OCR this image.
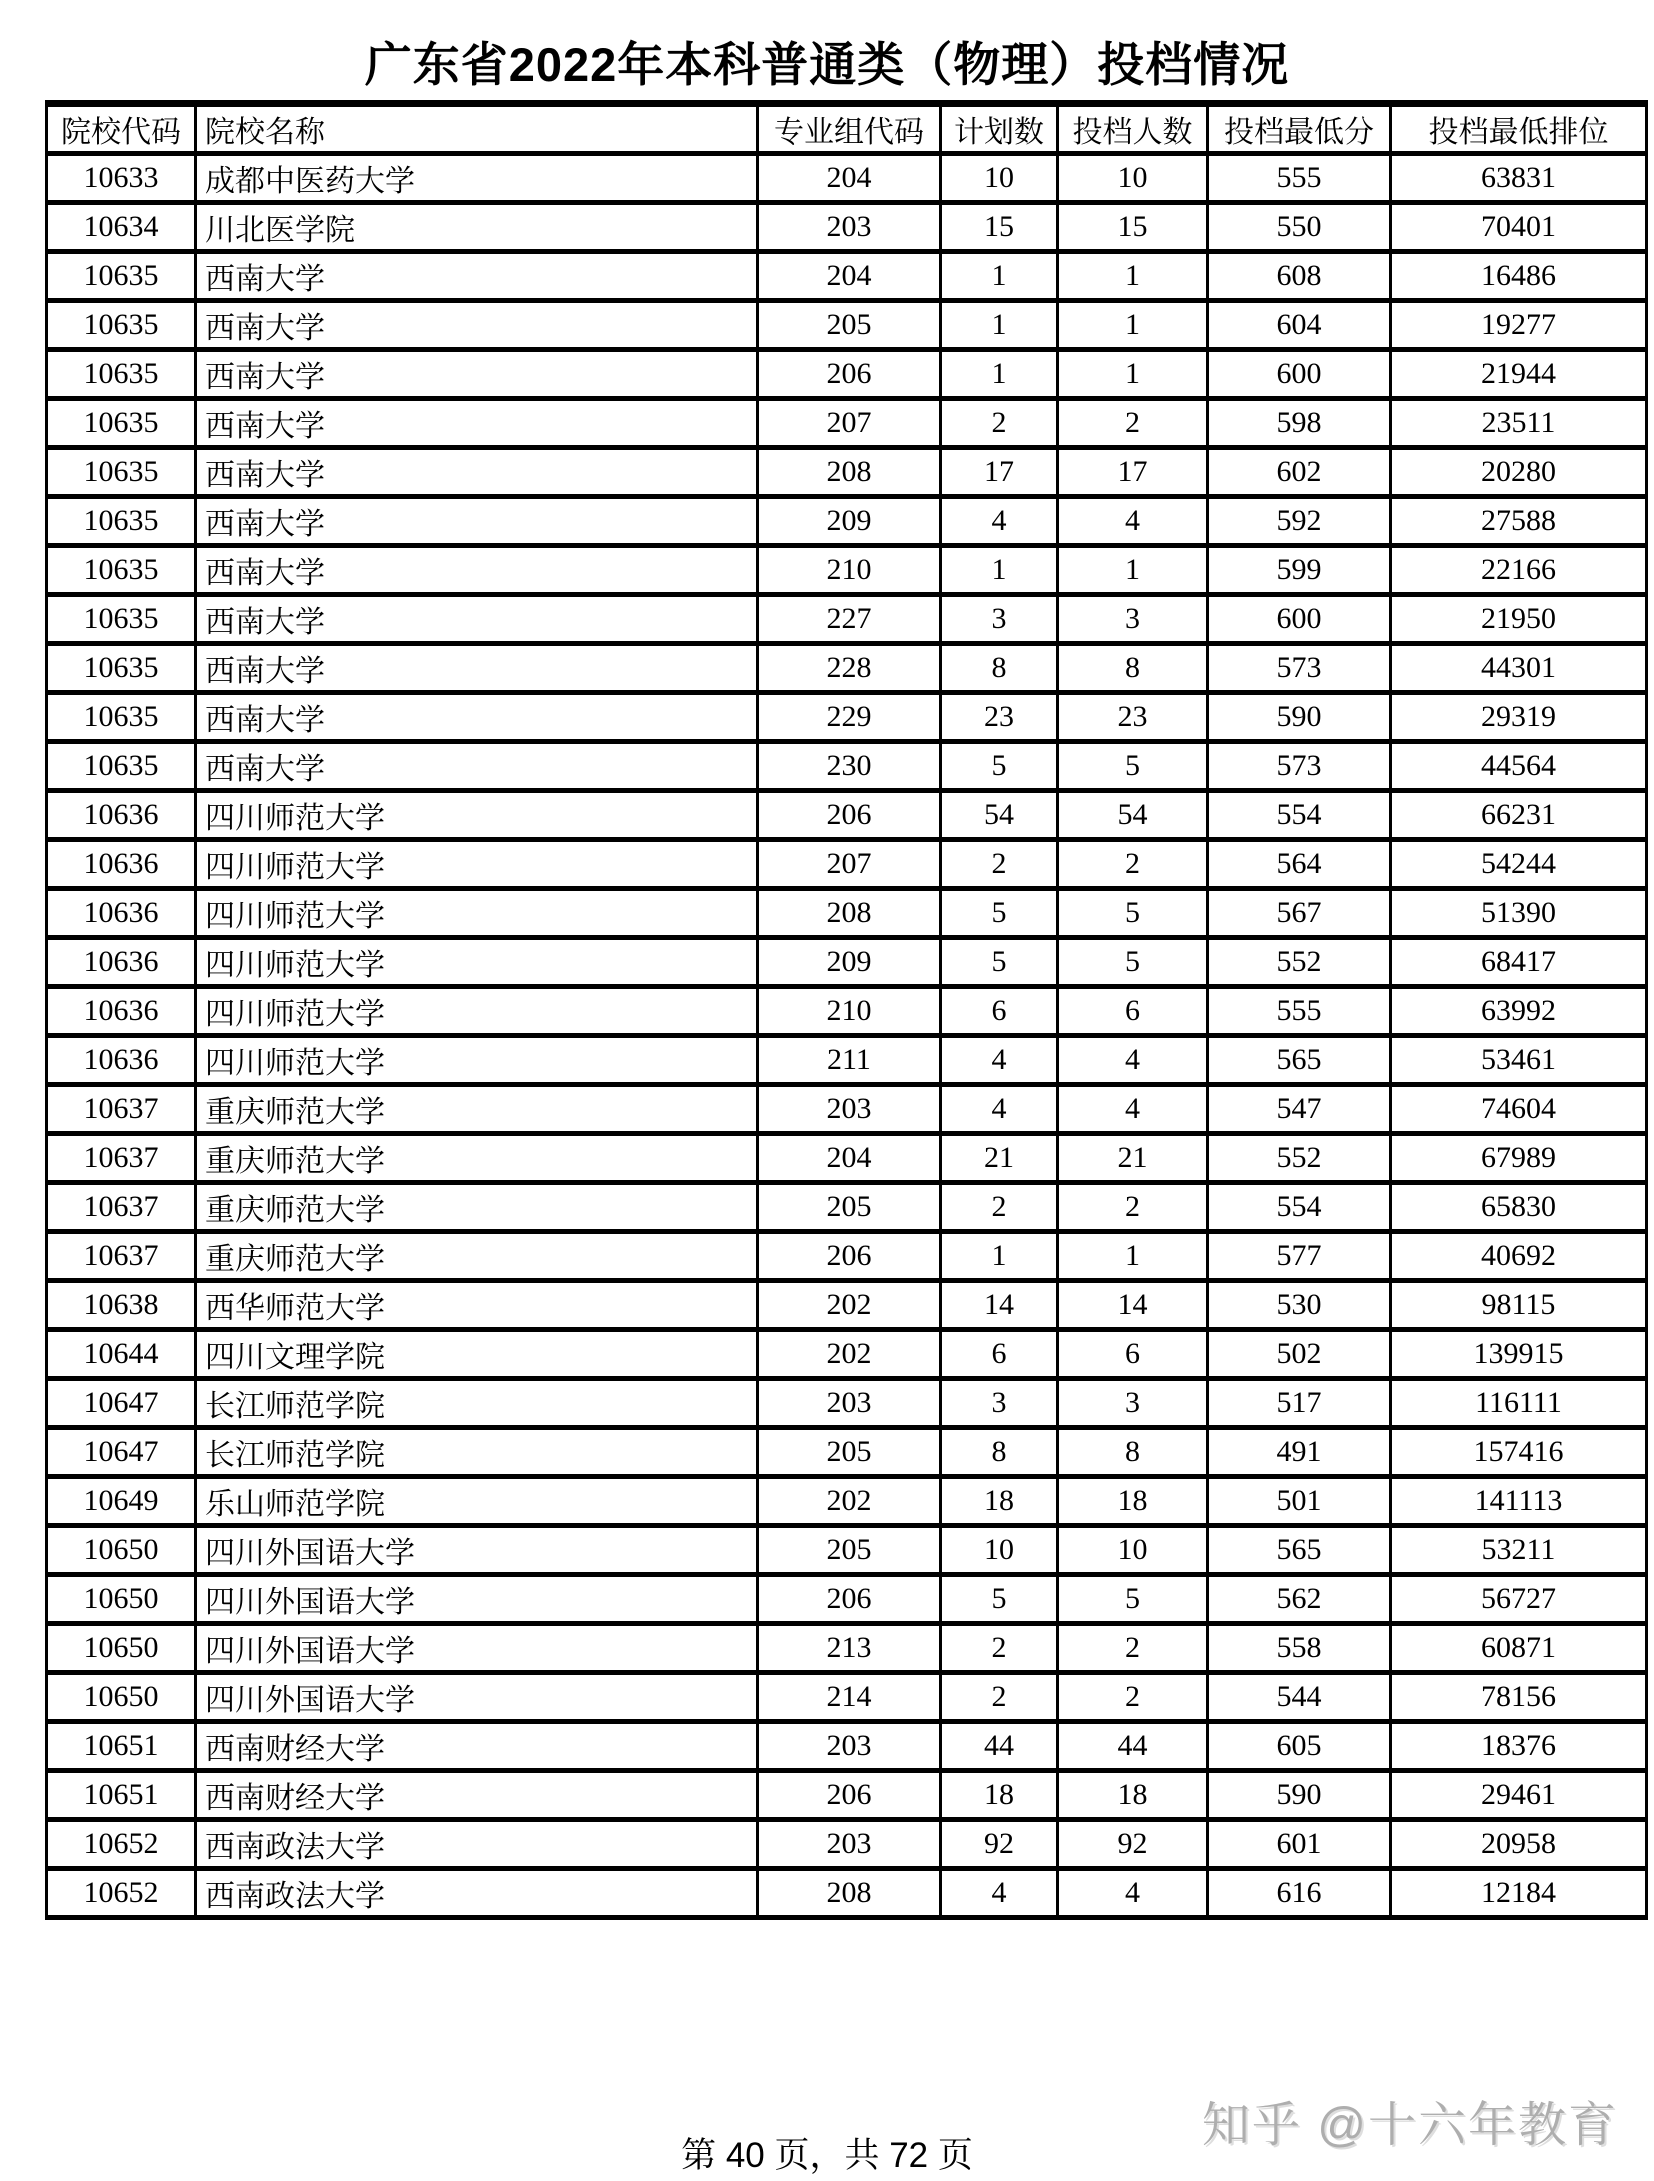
广东省2022年本科普通类（物理）投档情况
院校代码	院校名称	专业组代码	计划数	投档人数	投档最低分	投档最低排位
10633	成都中医药大学	204	10	10	555	63831
10634	川北医学院	203	15	15	550	70401
10635	西南大学	204	1	1	608	16486
10635	西南大学	205	1	1	604	19277
10635	西南大学	206	1	1	600	21944
10635	西南大学	207	2	2	598	23511
10635	西南大学	208	17	17	602	20280
10635	西南大学	209	4	4	592	27588
10635	西南大学	210	1	1	599	22166
10635	西南大学	227	3	3	600	21950
10635	西南大学	228	8	8	573	44301
10635	西南大学	229	23	23	590	29319
10635	西南大学	230	5	5	573	44564
10636	四川师范大学	206	54	54	554	66231
10636	四川师范大学	207	2	2	564	54244
10636	四川师范大学	208	5	5	567	51390
10636	四川师范大学	209	5	5	552	68417
10636	四川师范大学	210	6	6	555	63992
10636	四川师范大学	211	4	4	565	53461
10637	重庆师范大学	203	4	4	547	74604
10637	重庆师范大学	204	21	21	552	67989
10637	重庆师范大学	205	2	2	554	65830
10637	重庆师范大学	206	1	1	577	40692
10638	西华师范大学	202	14	14	530	98115
10644	四川文理学院	202	6	6	502	139915
10647	长江师范学院	203	3	3	517	116111
10647	长江师范学院	205	8	8	491	157416
10649	乐山师范学院	202	18	18	501	141113
10650	四川外国语大学	205	10	10	565	53211
10650	四川外国语大学	206	5	5	562	56727
10650	四川外国语大学	213	2	2	558	60871
10650	四川外国语大学	214	2	2	544	78156
10651	西南财经大学	203	44	44	605	18376
10651	西南财经大学	206	18	18	590	29461
10652	西南政法大学	203	92	92	601	20958
10652	西南政法大学	208	4	4	616	12184
第 40 页，共 72 页
知乎 @十六年教育
